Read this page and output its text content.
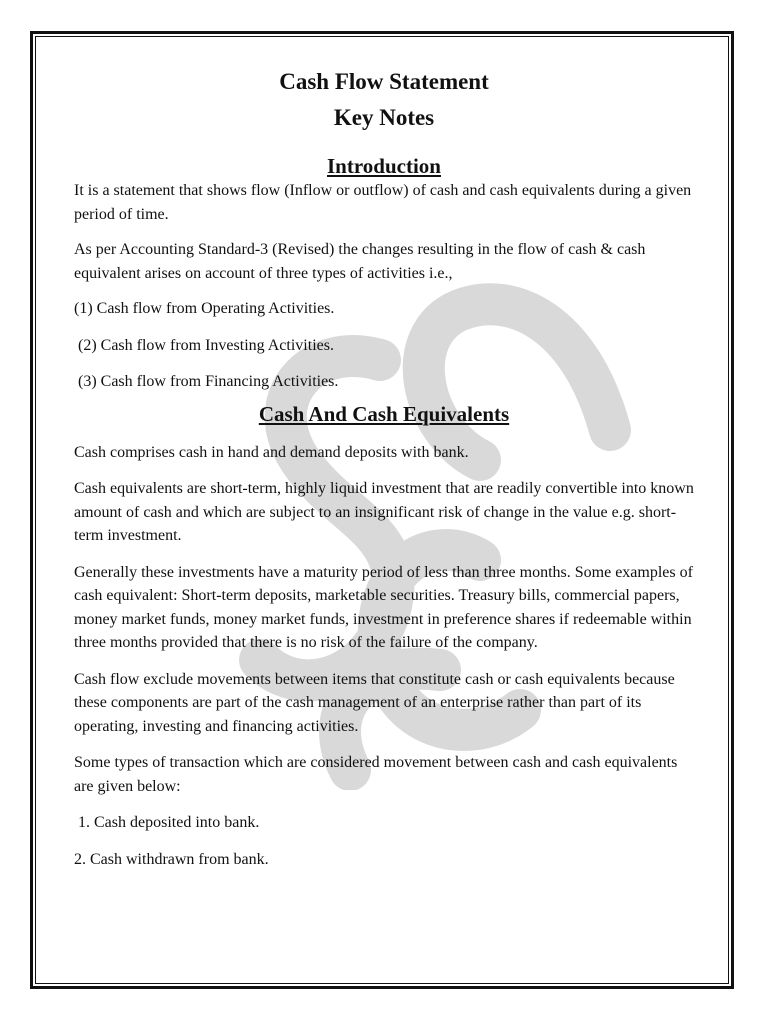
Cash Flow Statement
Key Notes
Introduction

It is a statement that shows flow (Inflow or outflow) of cash and cash equivalents during a given period of time.

As per Accounting Standard-3 (Revised) the changes resulting in the flow of cash & cash equivalent arises on account of three types of activities i.e.,

(1) Cash flow from Operating Activities.

(2) Cash flow from Investing Activities.

(3) Cash flow from Financing Activities.

Cash And Cash Equivalents

Cash comprises cash in hand and demand deposits with bank.

Cash equivalents are short-term, highly liquid investment that are readily convertible into known amount of cash and which are subject to an insignificant risk of change in the value e.g. short-term investment.

Generally these investments have a maturity period of less than three months. Some examples of cash equivalent: Short-term deposits, marketable securities. Treasury bills, commercial papers, money market funds, money market funds, investment in preference shares if redeemable within three months provided that there is no risk of the failure of the company.

Cash flow exclude movements between items that constitute cash or cash equivalents because these components are part of the cash management of an enterprise rather than part of its operating, investing and financing activities.

Some types of transaction which are considered movement between cash and cash equivalents are given below:

1. Cash deposited into bank.

2. Cash withdrawn from bank.
